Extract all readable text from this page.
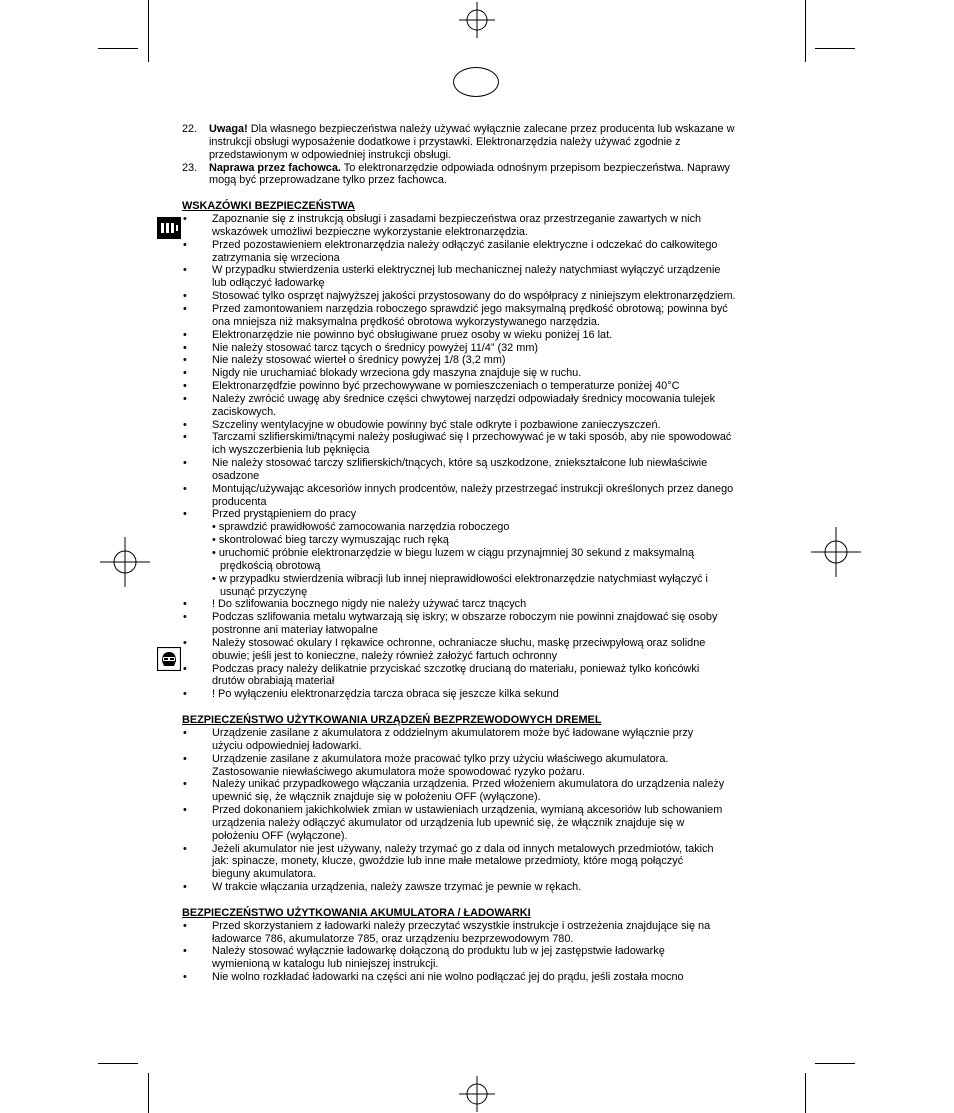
22. Uwaga! Dla własnego bezpieczeństwa należy używać wyłącznie zalecane przez producenta lub wskazane w
instrukcji obsługi wyposażenie dodatkowe i przystawki. Elektronarzędzia należy używać zgodnie z
przedstawionym w odpowiedniej instrukcji obsługi.
23. Naprawa przez fachowca. To elektronarzędzie odpowiada odnośnym przepisom bezpieczeństwa. Naprawy
mogą być przeprowadzane tylko przez fachowca.
WSKAZÓWKI BEZPIECZEŃSTWA
• Zapoznanie się z instrukcją obsługi i zasadami bezpieczeństwa oraz przestrzeganie zawartych w nich
wskazówek umożliwi bezpieczne wykorzystanie elektronarzędzia.
• Przed pozostawieniem elektronarzędzia należy odłączyć zasilanie elektryczne i odczekać do całkowitego
zatrzymania się wrzeciona
• W przypadku stwierdzenia usterki elektrycznej lub mechanicznej należy natychmiast wyłączyć urządzenie
lub odłączyć ładowarkę
• Stosować tylko osprzęt najwyższej jakości przystosowany do do współpracy z niniejszym elektronarzędziem.
• Przed zamontowaniem narzędzia roboczego sprawdzić jego maksymalną prędkość obrotową; powinna być
ona mniejsza niż maksymalna prędkość obrotowa wykorzystywanego narzędzia.
• Elektronarzędzie nie powinno być obsługiwane pruez osoby w wieku poniżej 16 lat.
• Nie należy stosować tarcz tących o średnicy powyżej 11/4” (32 mm)
• Nie należy stosować wierteł o średnicy powyżej 1/8 (3,2 mm)
• Nigdy nie uruchamiać blokady wrzeciona gdy maszyna znajduje się w ruchu.
• Elektronarzędfzie powinno być przechowywane w pomieszczeniach o temperaturze poniżej 40°C
• Należy zwrócić uwagę aby średnice części chwytowej narzędzi odpowiadały średnicy mocowania tulejek
zaciskowych.
• Szczeliny wentylacyjne w obudowie powinny być stale odkryte i pozbawione zanieczyszczeń.
• Tarczami szlifierskimi/tnącymi należy posługiwać się I przechowywać je w taki sposób, aby nie spowodować
ich wyszczerbienia lub pęknięcia
• Nie należy stosować tarczy szlifierskich/tnących, które są uszkodzone, zniekształcone lub niewłaściwie
osadzone
• Montując/używając akcesoriów innych prodcentów, należy przestrzegać instrukcji określonych przez danego
producenta
• Przed prystąpieniem do pracy
• sprawdzić prawidłowość zamocowania narzędzia roboczego
• skontrolować bieg tarczy wymuszając ruch ręką
• uruchomić próbnie elektronarzędzie w biegu luzem w ciągu przynajmniej 30 sekund z maksymalną
prędkością obrotową
• w przypadku stwierdzenia wibracji lub innej nieprawidłowości elektronarzędzie natychmiast wyłączyć i
usunąć przyczynę
• ! Do szlifowania bocznego nigdy nie należy używać tarcz tnących
• Podczas szlifowania metalu wytwarzają się iskry; w obszarze roboczym nie powinni znajdować się osoby
postronne ani materiay łatwopalne
• Należy stosować okulary I rękawice ochronne, ochraniacze słuchu, maskę przeciwpyłową oraz solidne
obuwie; jeśli jest to konieczne, należy również założyć fartuch ochronny
• Podczas pracy należy delikatnie przyciskać szczotkę drucianą do materiału, ponieważ tylko końcówki
drutów obrabiają materiał
• ! Po wyłączeniu elektronarzędzia tarcza obraca się jeszcze kilka sekund
BEZPIECZEŃSTWO UŻYTKOWANIA URZĄDZEŃ BEZPRZEWODOWYCH DREMEL
• Urządzenie zasilane z akumulatora z oddzielnym akumulatorem może być ładowane wyłącznie przy
użyciu odpowiedniej ładowarki.
• Urządzenie zasilane z akumulatora może pracować tylko przy użyciu właściwego akumulatora.
Zastosowanie niewłaściwego akumulatora może spowodować ryzyko pożaru.
• Należy unikać przypadkowego włączania urządzenia. Przed włożeniem akumulatora do urządzenia należy
upewnić się, że włącznik znajduje się w położeniu OFF (wyłączone).
• Przed dokonaniem jakichkolwiek zmian w ustawieniach urządzenia, wymianą akcesoriów lub schowaniem
urządzenia należy odłączyć akumulator od urządzenia lub upewnić się, że włącznik znajduje się w
położeniu OFF (wyłączone).
• Jeżeli akumulator nie jest używany, należy trzymać go z dala od innych metalowych przedmiotów, takich
jak: spinacze, monety, klucze, gwoździe lub inne małe metalowe przedmioty, które mogą połączyć
bieguny akumulatora.
• W trakcie włączania urządzenia, należy zawsze trzymać je pewnie w rękach.
BEZPIECZEŃSTWO UŻYTKOWANIA AKUMULATORA / ŁADOWARKI
• Przed skorzystaniem z ładowarki należy przeczytać wszystkie instrukcje i ostrzeżenia znajdujące się na
ładowarce 786, akumulatorze 785, oraz urządzeniu bezprzewodowym 780.
• Należy stosować wyłącznie ładowarkę dołączoną do produktu lub w jej zastępstwie ładowarkę
wymienioną w katalogu lub niniejszej instrukcji.
• Nie wolno rozkładać ładowarki na części ani nie wolno podłączać jej do prądu, jeśli została mocno
